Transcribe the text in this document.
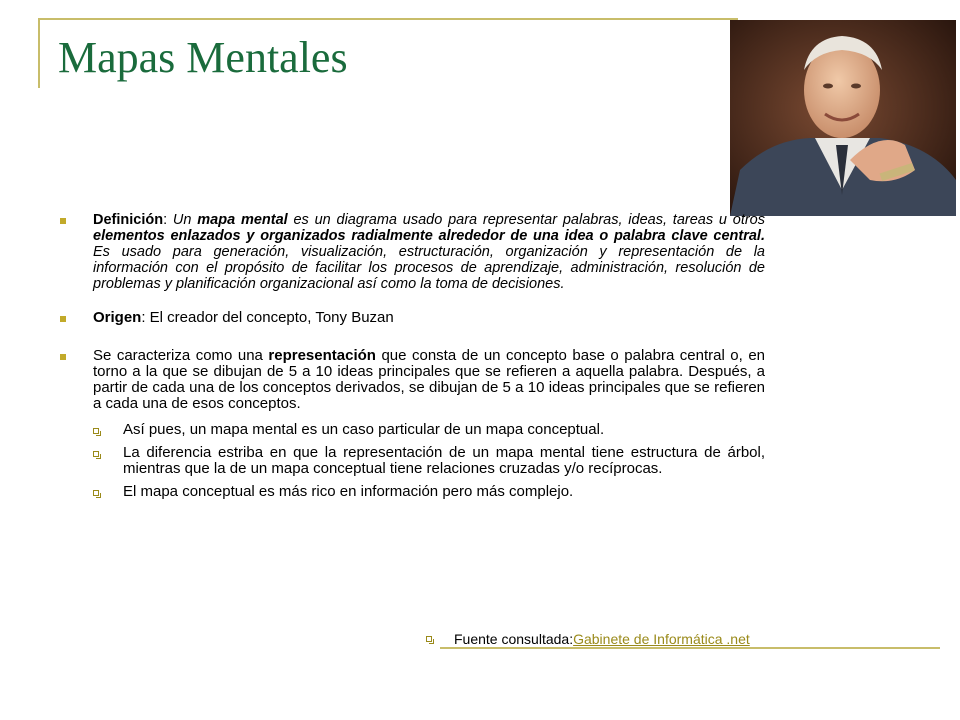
Mapas Mentales
Definición: Un mapa mental es un diagrama usado para representar palabras, ideas, tareas u otros elementos enlazados y organizados radialmente alrededor de una idea o palabra clave central. Es usado para generación, visualización, estructuración, organización y representación de la información con el propósito de facilitar los procesos de aprendizaje, administración, resolución de problemas y planificación organizacional así como la toma de decisiones.
Origen: El creador del concepto, Tony Buzan
Se caracteriza como una representación que consta de un concepto base o palabra central o, en torno a la que se dibujan de 5 a 10 ideas principales que se refieren a aquella palabra. Después, a partir de cada una de los conceptos derivados, se dibujan de 5 a 10 ideas principales que se refieren a cada una de esos conceptos.
Así pues, un mapa mental es un caso particular de un mapa conceptual.
La diferencia estriba en que la representación de un mapa mental tiene estructura de árbol, mientras que la de un mapa conceptual tiene relaciones cruzadas y/o recíprocas.
El mapa conceptual es más rico en información pero más complejo.
Fuente consultada: Gabinete de Informática .net
